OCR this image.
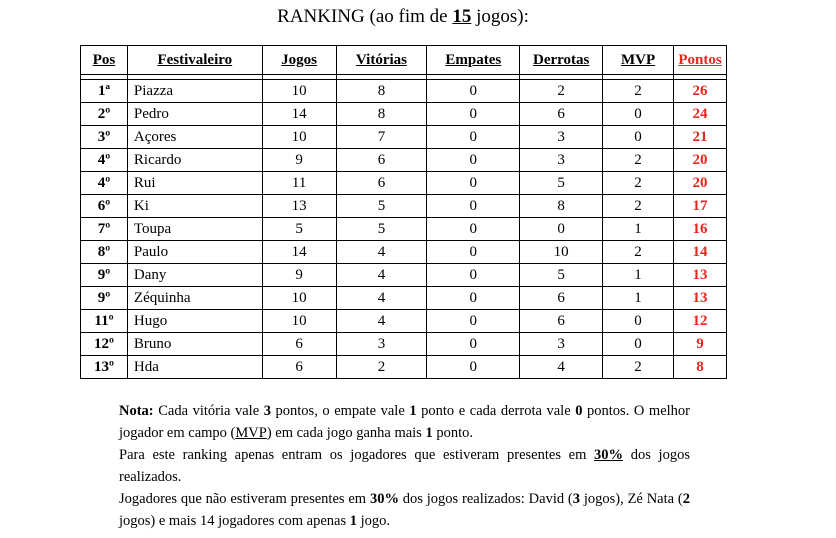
RANKING (ao fim de 15 jogos):
Pos	Festivaleiro	Jogos	Vitórias	Empates	Derrotas	MVP	Pontos

1ª	Piazza	10	8	0	2	2	26
2º	Pedro	14	8	0	6	0	24
3º	Açores	10	7	0	3	0	21
4º	Ricardo	9	6	0	3	2	20
4º	Rui	11	6	0	5	2	20
6º	Ki	13	5	0	8	2	17
7º	Toupa	5	5	0	0	1	16
8º	Paulo	14	4	0	10	2	14
9º	Dany	9	4	0	5	1	13
9º	Zéquinha	10	4	0	6	1	13
11º	Hugo	10	4	0	6	0	12
12º	Bruno	6	3	0	3	0	9
13º	Hda	6	2	0	4	2	8

Nota: Cada vitória vale 3 pontos, o empate vale 1 ponto e cada derrota vale 0 pontos. O melhor jogador em campo (MVP) em cada jogo ganha mais 1 ponto.

Para este ranking apenas entram os jogadores que estiveram presentes em 30% dos jogos realizados.

Jogadores que não estiveram presentes em 30% dos jogos realizados: David (3 jogos), Zé Nata (2 jogos) e mais 14 jogadores com apenas 1 jogo.
